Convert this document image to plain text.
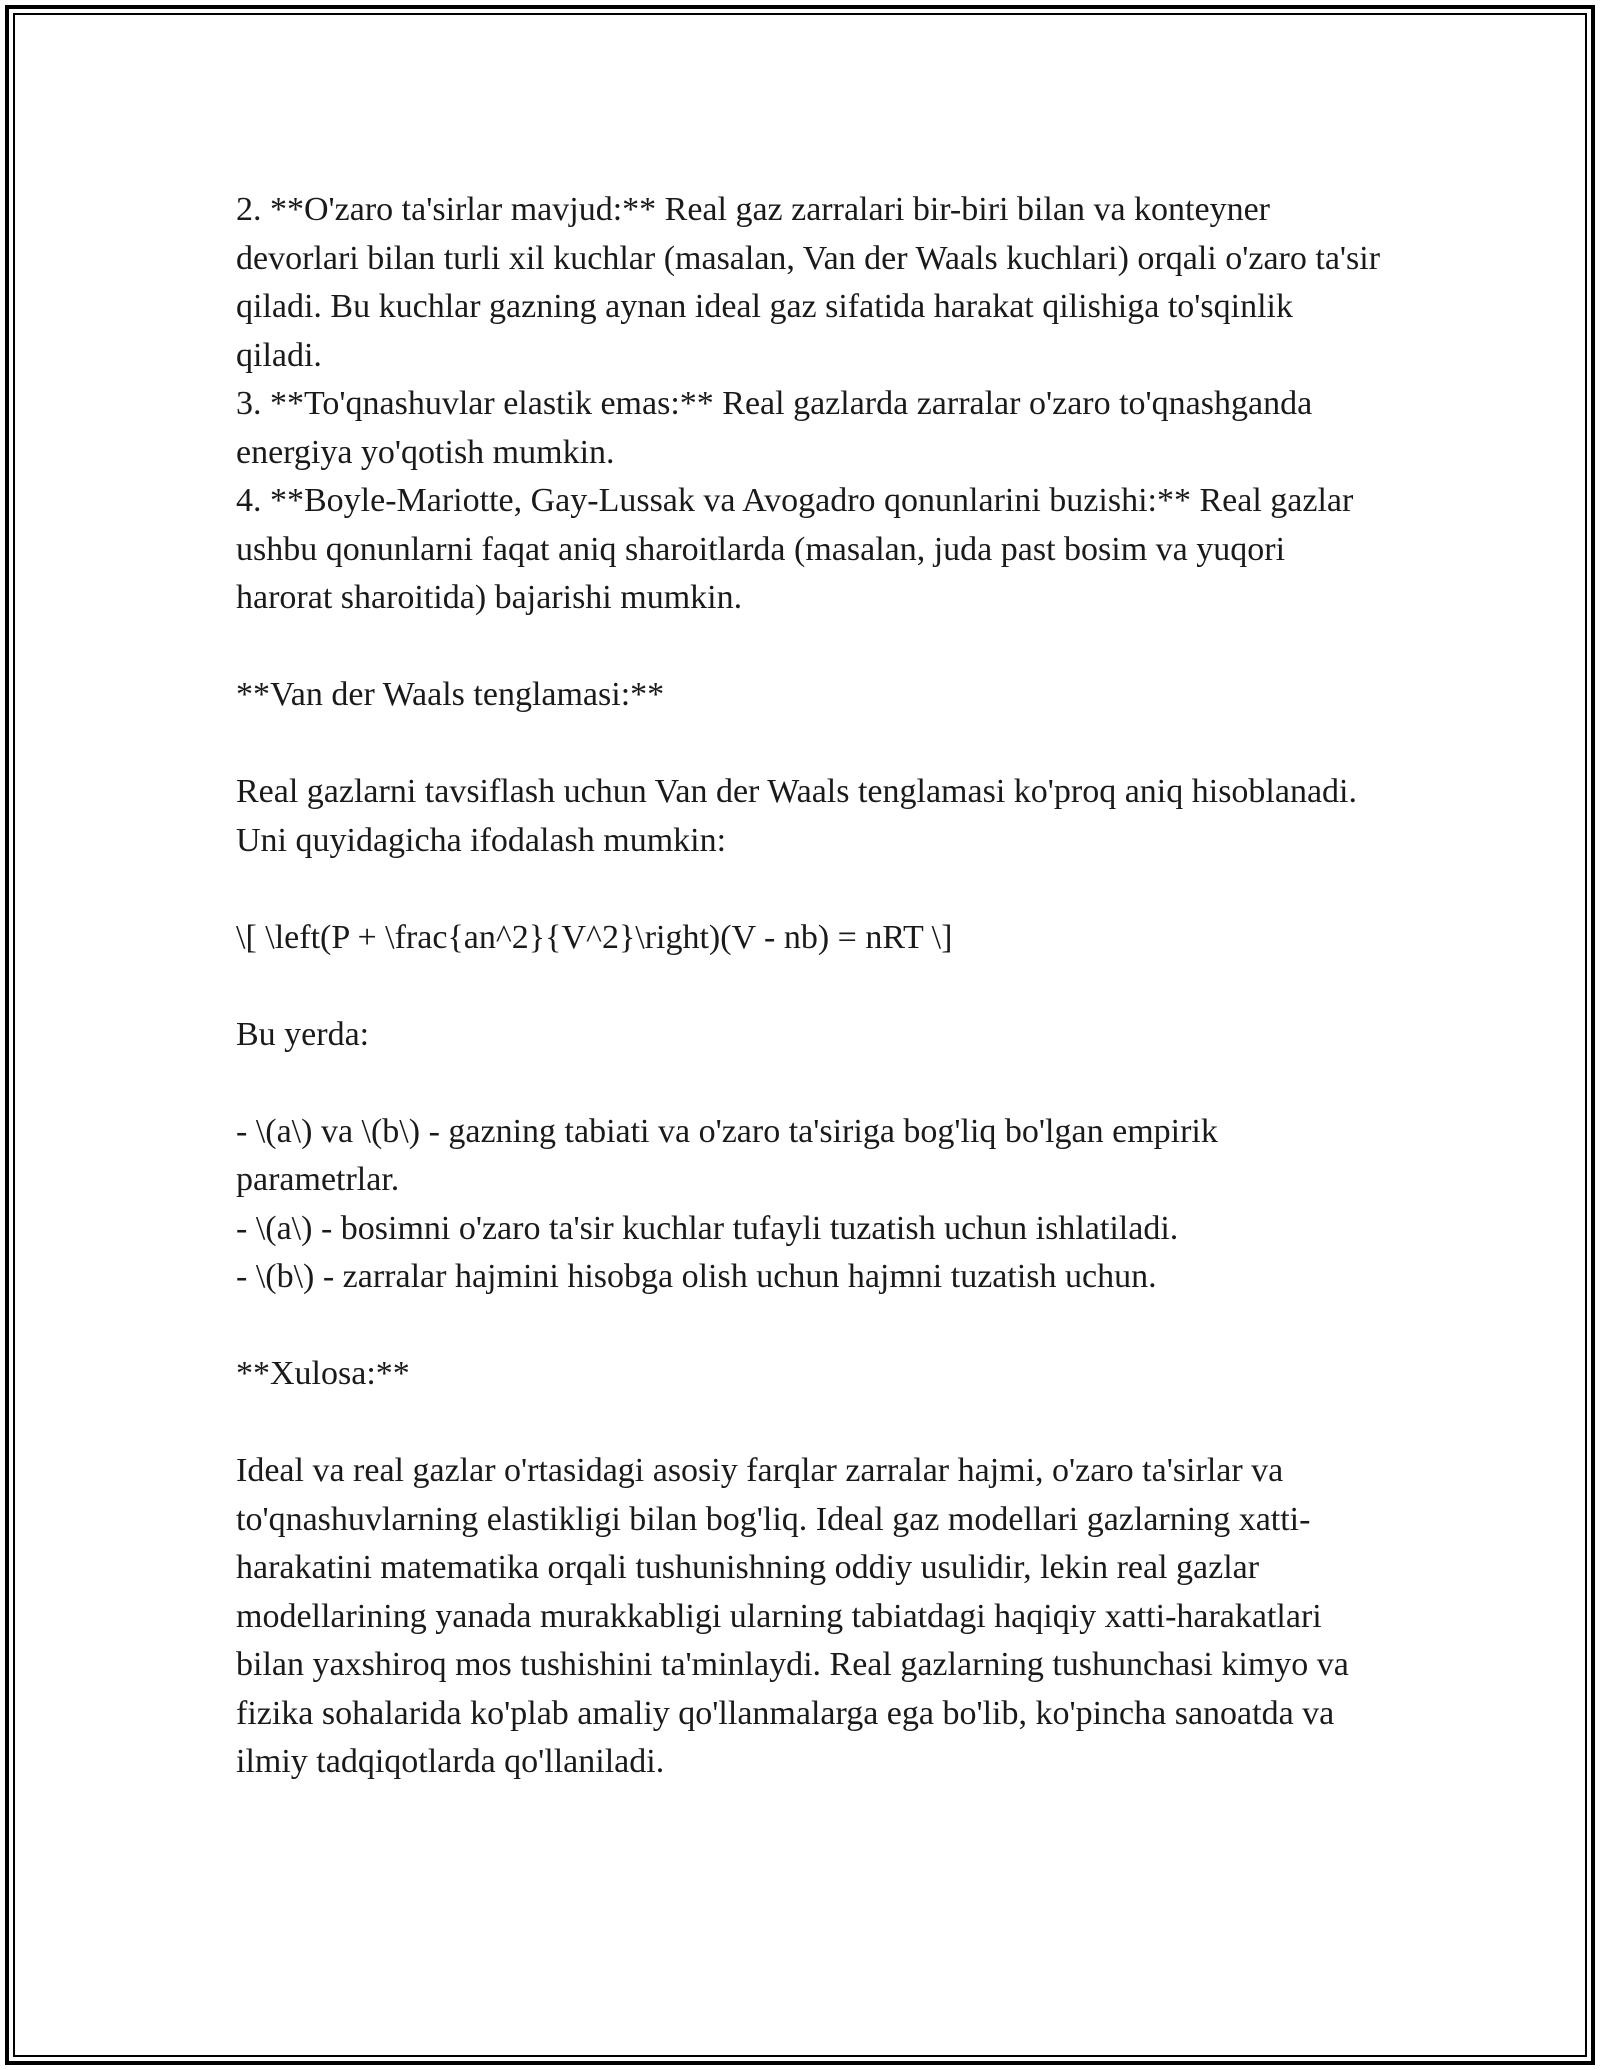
2. **O'zaro ta'sirlar mavjud:** Real gaz zarralari bir-biri bilan va konteyner devorlari bilan turli xil kuchlar (masalan, Van der Waals kuchlari) orqali o'zaro ta'sir qiladi. Bu kuchlar gazning aynan ideal gaz sifatida harakat qilishiga to'sqinlik qiladi.

3. **To'qnashuvlar elastik emas:** Real gazlarda zarralar o'zaro to'qnashganda energiya yo'qotish mumkin.

4. **Boyle-Mariotte, Gay-Lussak va Avogadro qonunlarini buzishi:** Real gazlar ushbu qonunlarni faqat aniq sharoitlarda (masalan, juda past bosim va yuqori harorat sharoitida) bajarishi mumkin.

**Van der Waals tenglamasi:**

Real gazlarni tavsiflash uchun Van der Waals tenglamasi ko'proq aniq hisoblanadi. Uni quyidagicha ifodalash mumkin:

\[ \left(P + \frac{an^2}{V^2}\right)(V - nb) = nRT \]

Bu yerda:

- \(a\) va \(b\) - gazning tabiati va o'zaro ta'siriga bog'liq bo'lgan empirik parametrlar.

- \(a\) - bosimni o'zaro ta'sir kuchlar tufayli tuzatish uchun ishlatiladi.

- \(b\) - zarralar hajmini hisobga olish uchun hajmni tuzatish uchun.

**Xulosa:**

Ideal va real gazlar o'rtasidagi asosiy farqlar zarralar hajmi, o'zaro ta'sirlar va to'qnashuvlarning elastikligi bilan bog'liq. Ideal gaz modellari gazlarning xatti-harakatini matematika orqali tushunishning oddiy usulidir, lekin real gazlar modellarining yanada murakkabligi ularning tabiatdagi haqiqiy xatti-harakatlari bilan yaxshiroq mos tushishini ta'minlaydi. Real gazlarning tushunchasi kimyo va fizika sohalarida ko'plab amaliy qo'llanmalarga ega bo'lib, ko'pincha sanoatda va ilmiy tadqiqotlarda qo'llaniladi.
